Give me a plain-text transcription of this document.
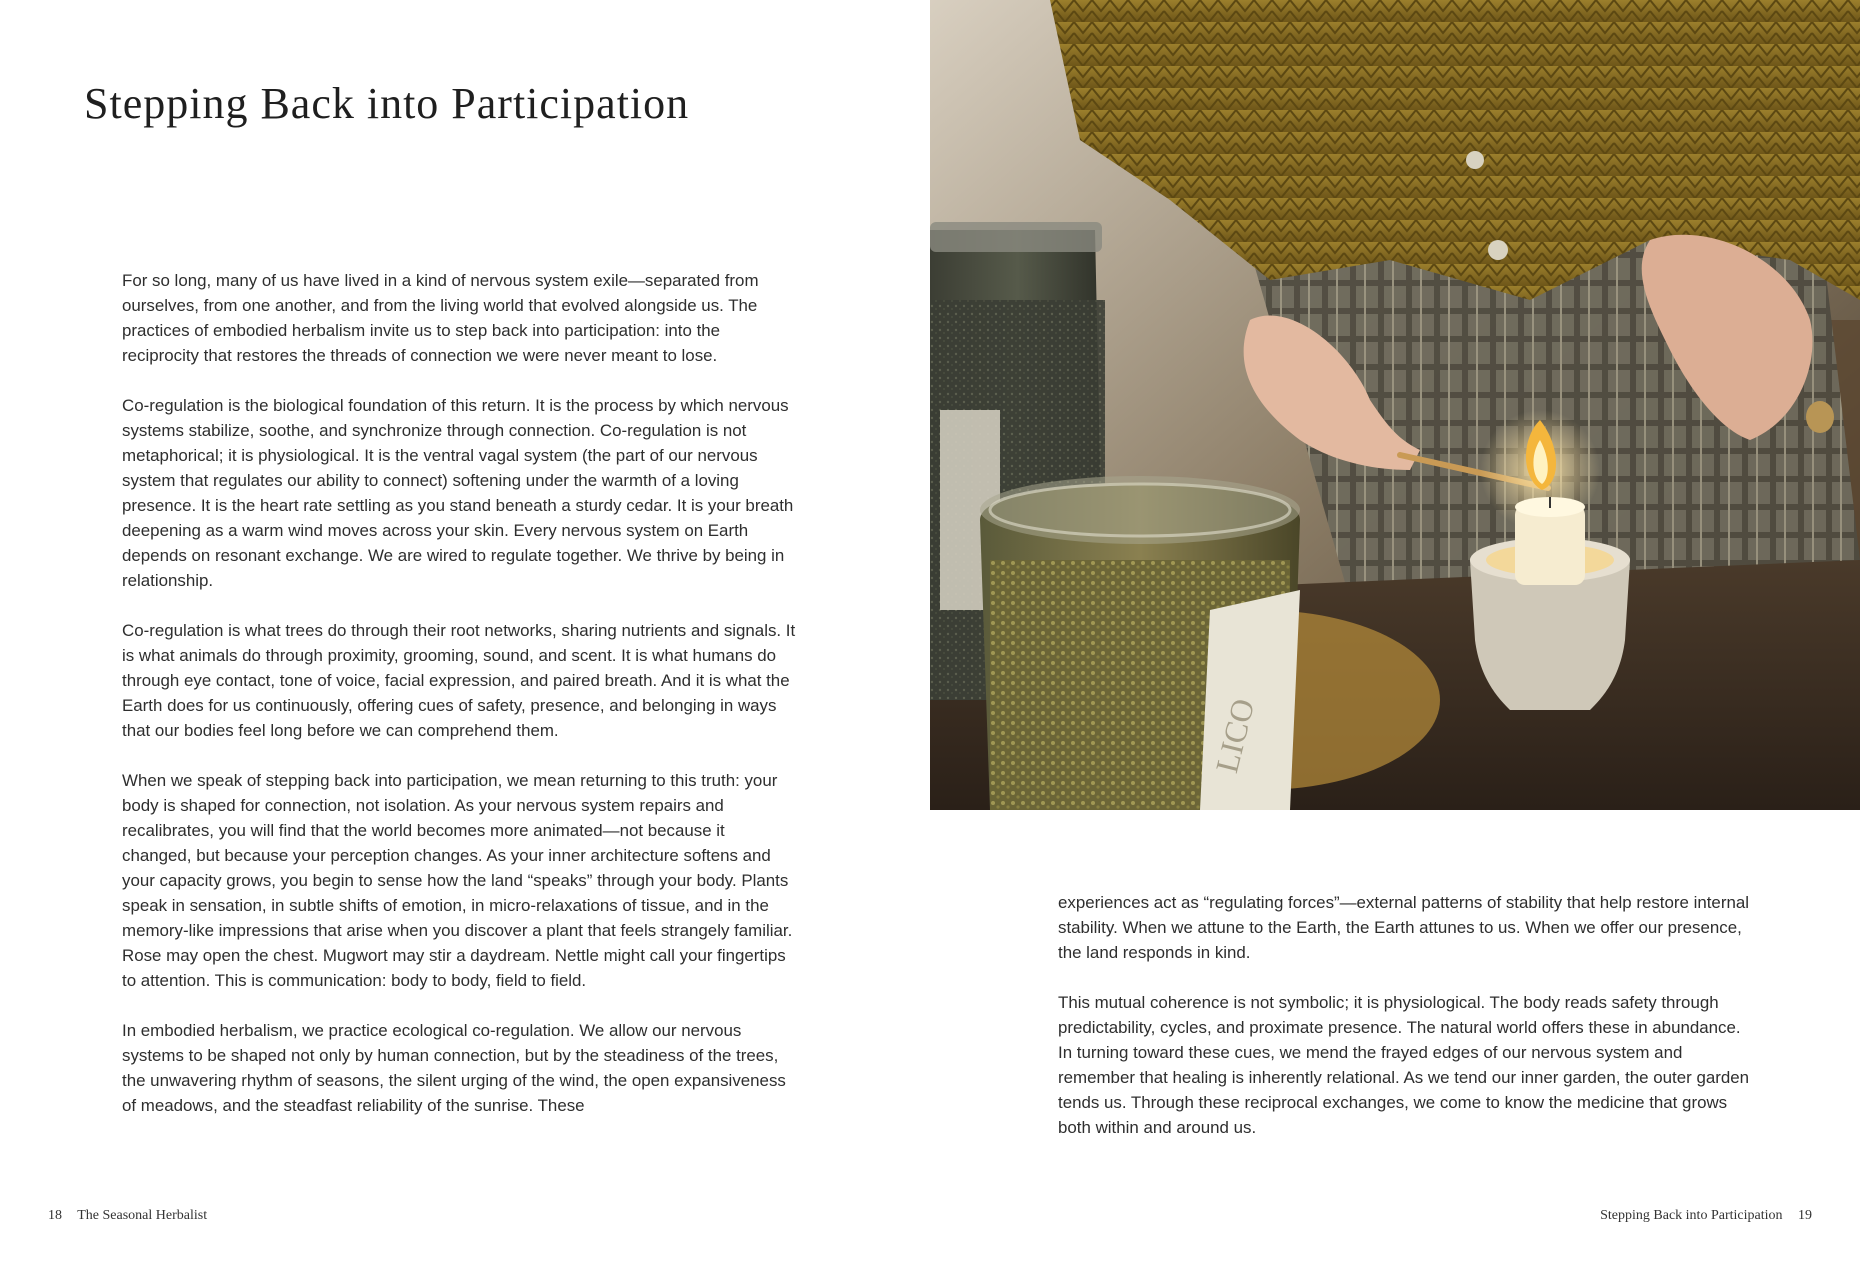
Stepping Back into Participation

For so long, many of us have lived in a kind of nervous system exile—separated from ourselves, from one another, and from the living world that evolved alongside us. The practices of embodied herbalism invite us to step back into participation: into the reciprocity that restores the threads of connection we were never meant to lose.

Co-regulation is the biological foundation of this return. It is the process by which nervous systems stabilize, soothe, and synchronize through connection. Co-regulation is not metaphorical; it is physiological. It is the ventral vagal system (the part of our nervous system that regulates our ability to connect) softening under the warmth of a loving presence. It is the heart rate settling as you stand beneath a sturdy cedar. It is your breath deepening as a warm wind moves across your skin. Every nervous system on Earth depends on resonant exchange. We are wired to regulate together. We thrive by being in relationship.

Co-regulation is what trees do through their root networks, sharing nutrients and signals. It is what animals do through proximity, grooming, sound, and scent. It is what humans do through eye contact, tone of voice, facial expression, and paired breath. And it is what the Earth does for us continuously, offering cues of safety, presence, and belonging in ways that our bodies feel long before we can comprehend them.

When we speak of stepping back into participation, we mean returning to this truth: your body is shaped for connection, not isolation. As your nervous system repairs and recalibrates, you will find that the world becomes more animated—not because it changed, but because your perception changes. As your inner architecture softens and your capacity grows, you begin to sense how the land “speaks” through your body. Plants speak in sensation, in subtle shifts of emotion, in micro-relaxations of tissue, and in the memory-like impressions that arise when you discover a plant that feels strangely familiar. Rose may open the chest. Mugwort may stir a daydream. Nettle might call your fingertips to attention. This is communication: body to body, field to field.

In embodied herbalism, we practice ecological co-regulation. We allow our nervous systems to be shaped not only by human connection, but by the steadiness of the trees, the unwavering rhythm of seasons, the silent urging of the wind, the open expansiveness of meadows, and the steadfast reliability of the sunrise. These

18 The Seasonal Herbalist
LICO

experiences act as “regulating forces”—external patterns of stability that help restore internal stability. When we attune to the Earth, the Earth attunes to us. When we offer our presence, the land responds in kind.

This mutual coherence is not symbolic; it is physiological. The body reads safety through predictability, cycles, and proximate presence. The natural world offers these in abundance. In turning toward these cues, we mend the frayed edges of our nervous system and remember that healing is inherently relational. As we tend our inner garden, the outer garden tends us. Through these reciprocal exchanges, we come to know the medicine that grows both within and around us.

Stepping Back into Participation 19
